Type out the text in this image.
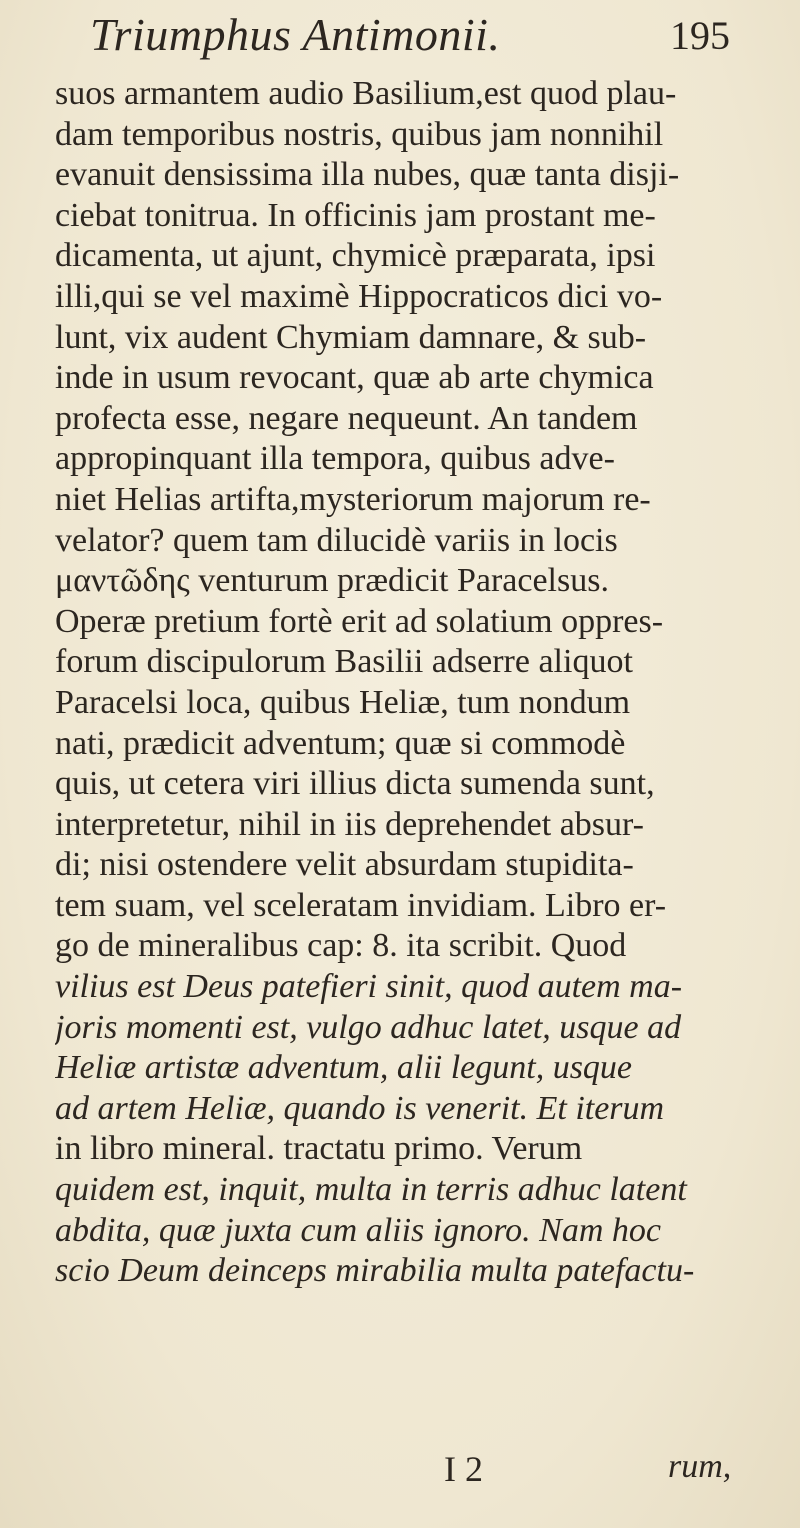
Triumphus Antimonii.	195
suos armantem audio Basilium,est quod plau-
dam temporibus nostris, quibus jam nonnihil
evanuit densissima illa nubes, quæ tanta disji-
ciebat tonitrua. In officinis jam prostant me-
dicamenta, ut ajunt, chymicè præparata, ipsi
illi,qui se vel maximè Hippocraticos dici vo-
lunt, vix audent Chymiam damnare, & sub-
inde in usum revocant, quæ ab arte chymica
profecta esse, negare nequeunt. An tandem
appropinquant illa tempora, quibus adve-
niet Helias artifta,mysteriorum majorum re-
velator? quem tam dilucidè variis in locis
μαντῶδης venturum prædicit Paracelsus.
Operæ pretium fortè erit ad solatium oppres-
forum discipulorum Basilii adserre aliquot
Paracelsi loca, quibus Heliæ, tum nondum
nati, prædicit adventum; quæ si commodè
quis, ut cetera viri illius dicta sumenda sunt,
interpretetur, nihil in iis deprehendet absur-
di; nisi ostendere velit absurdam stupidita-
tem suam, vel sceleratam invidiam. Libro er-
go de mineralibus cap: 8. ita scribit. Quod
vilius est Deus patefieri sinit, quod autem ma-
joris momenti est, vulgo adhuc latet, usque ad
Heliæ artistæ adventum, alii legunt, usque
ad artem Heliæ, quando is venerit. Et iterum
in libro mineral. tractatu primo. Verum
quidem est, inquit, multa in terris adhuc latent
abdita, quæ juxta cum aliis ignoro. Nam hoc
scio Deum deinceps mirabilia multa patefactu-
I 2	rum,
